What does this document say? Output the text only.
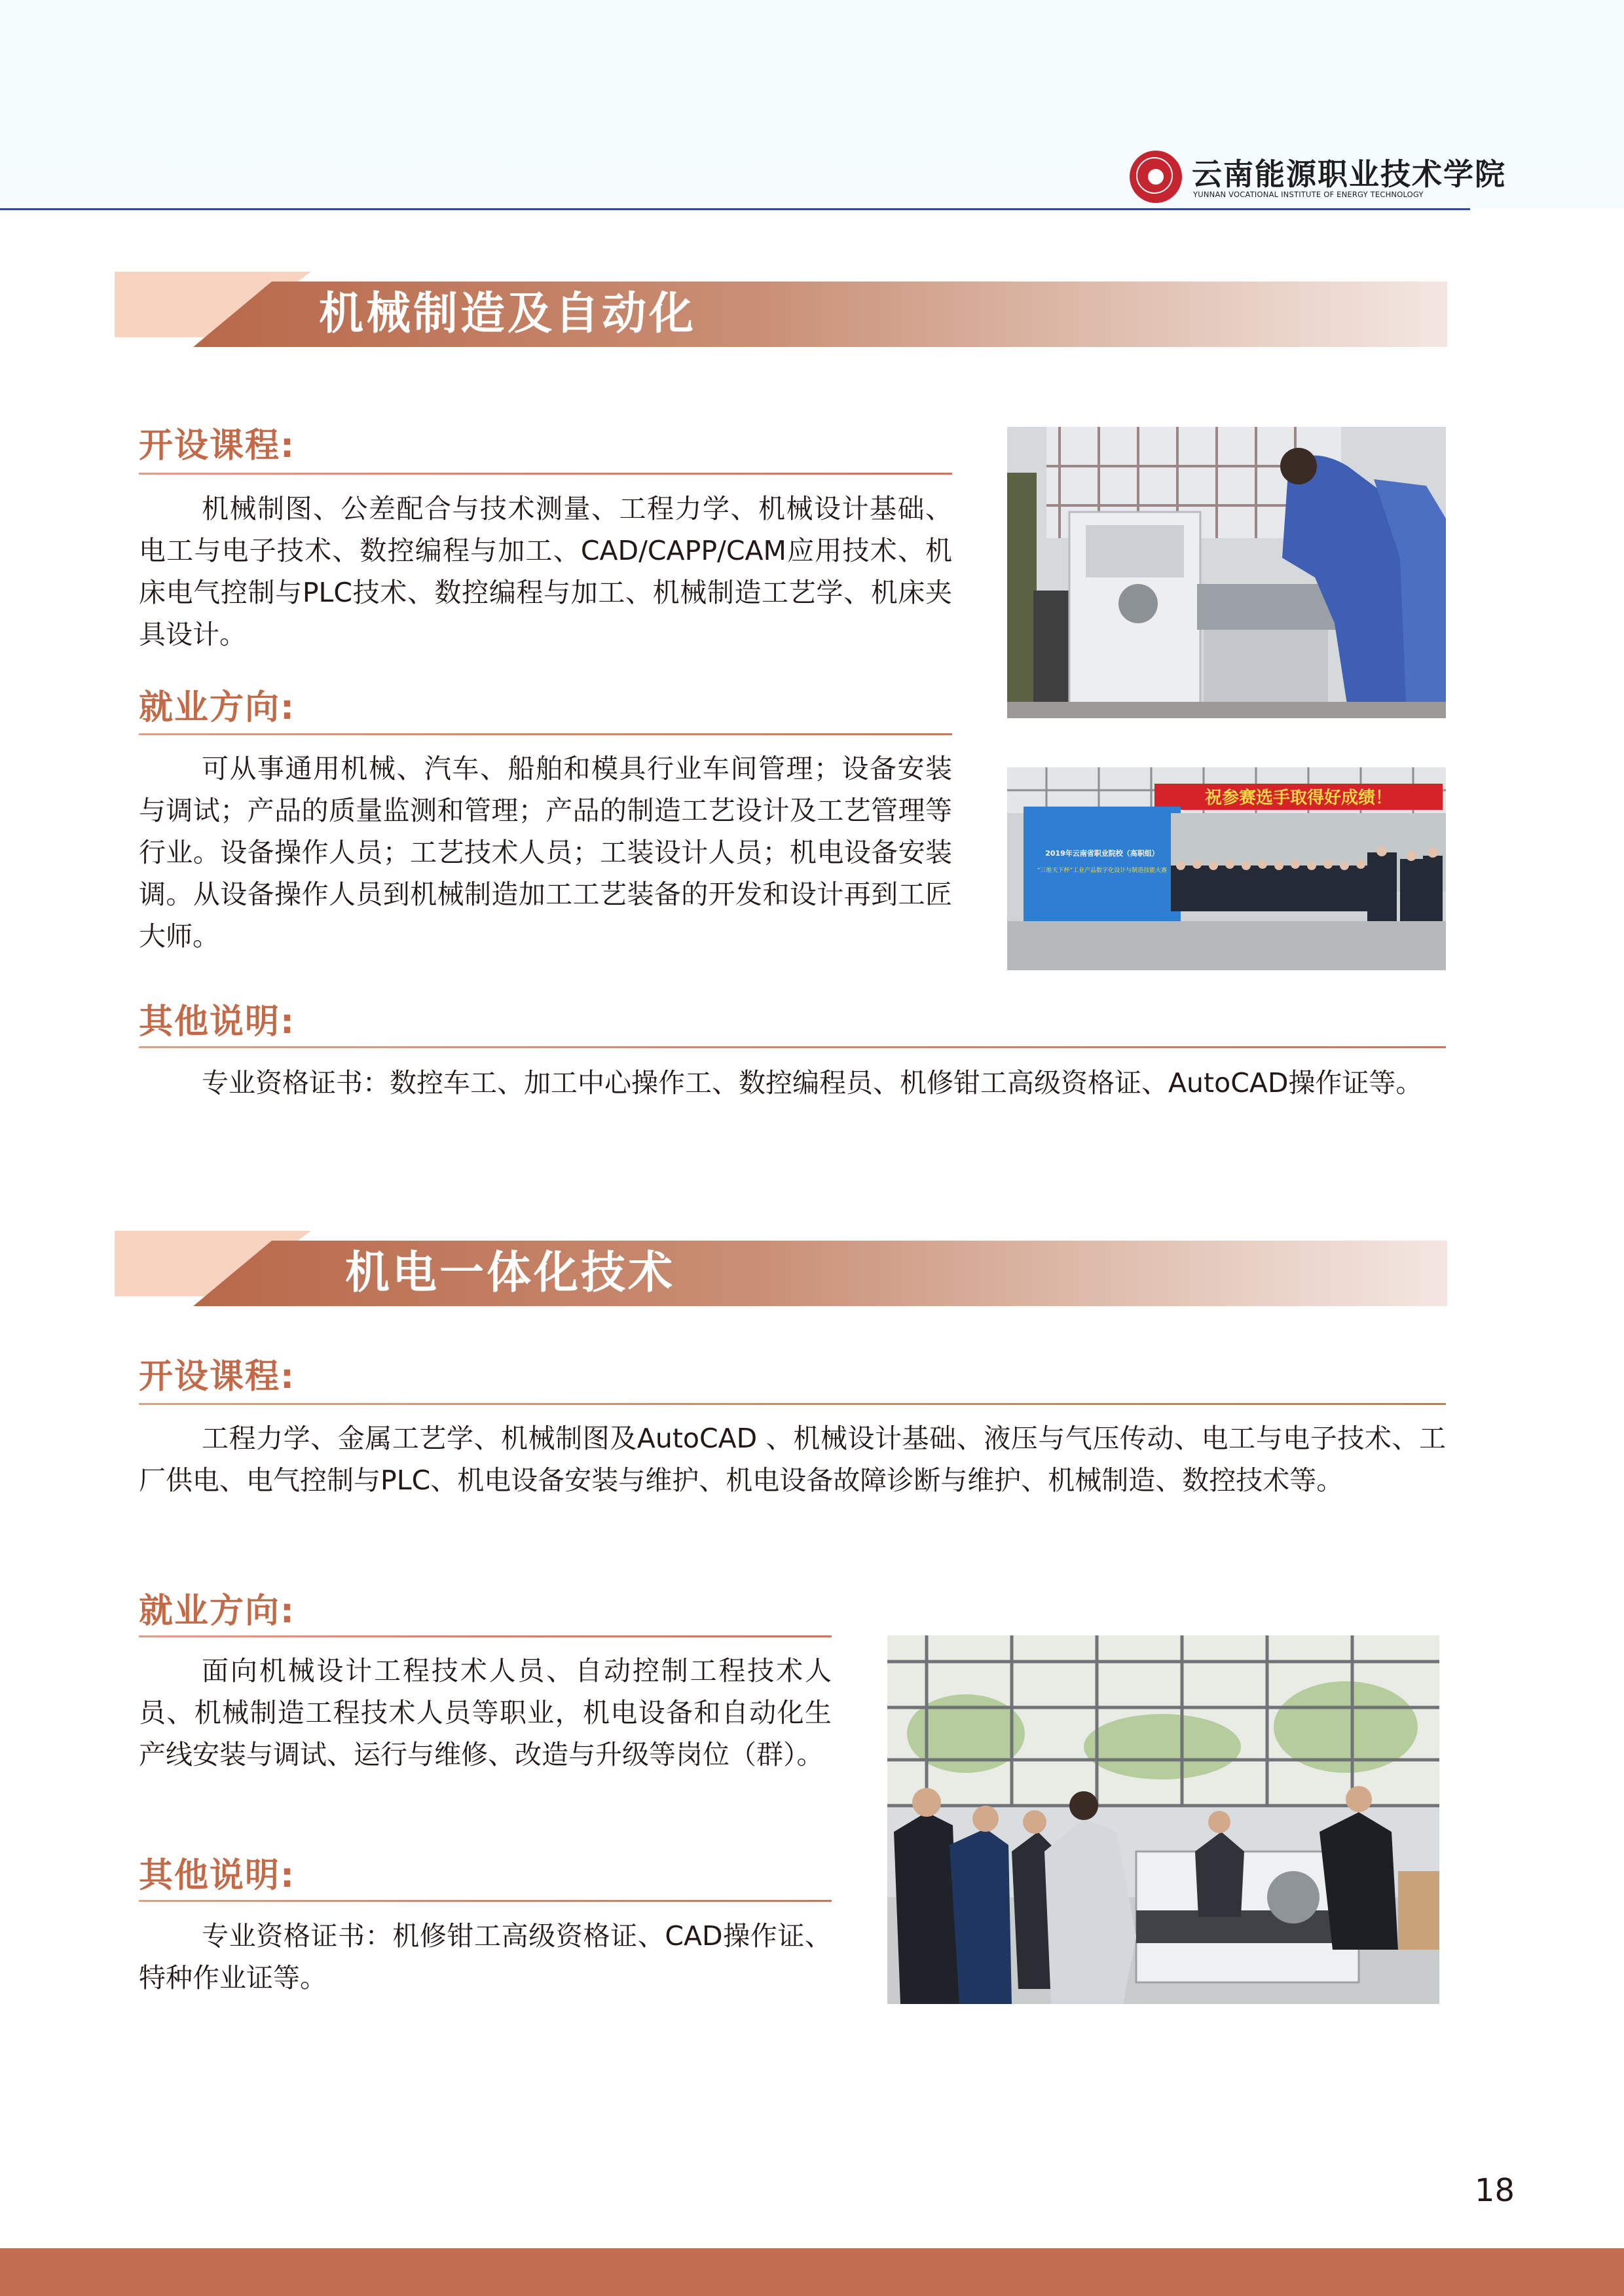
云南能源职业技术学院
YUNNAN VOCATIONAL INSTITUTE OF ENERGY TECHNOLOGY
机械制造及自动化
开设课程:
机械制图、公差配合与技术测量、工程力学、机械设计基础、电工与电子技术、数控编程与加工、CAD/CAPP/CAM应用技术、机床电气控制与PLC技术、数控编程与加工、机械制造工艺学、机床夹具设计。
就业方向:
可从事通用机械、汽车、船舶和模具行业车间管理；设备安装与调试；产品的质量监测和管理；产品的制造工艺设计及工艺管理等行业。设备操作人员；工艺技术人员；工装设计人员；机电设备安装调。从设备操作人员到机械制造加工工艺装备的开发和设计再到工匠大师。
其他说明:
专业资格证书：数控车工、加工中心操作工、数控编程员、机修钳工高级资格证、AutoCAD操作证等。
祝参赛选手取得好成绩！
2019年云南省职业院校（高职组）
“三维天下杯”工业产品数字化设计与制造技能大赛
机电一体化技术
开设课程:
工程力学、金属工艺学、机械制图及AutoCAD 、机械设计基础、液压与气压传动、电工与电子技术、工厂供电、电气控制与PLC、机电设备安装与维护、机电设备故障诊断与维护、机械制造、数控技术等。
就业方向:
面向机械设计工程技术人员、自动控制工程技术人员、机械制造工程技术人员等职业，机电设备和自动化生产线安装与调试、运行与维修、改造与升级等岗位（群）。
其他说明:
专业资格证书：机修钳工高级资格证、CAD操作证、特种作业证等。
18
